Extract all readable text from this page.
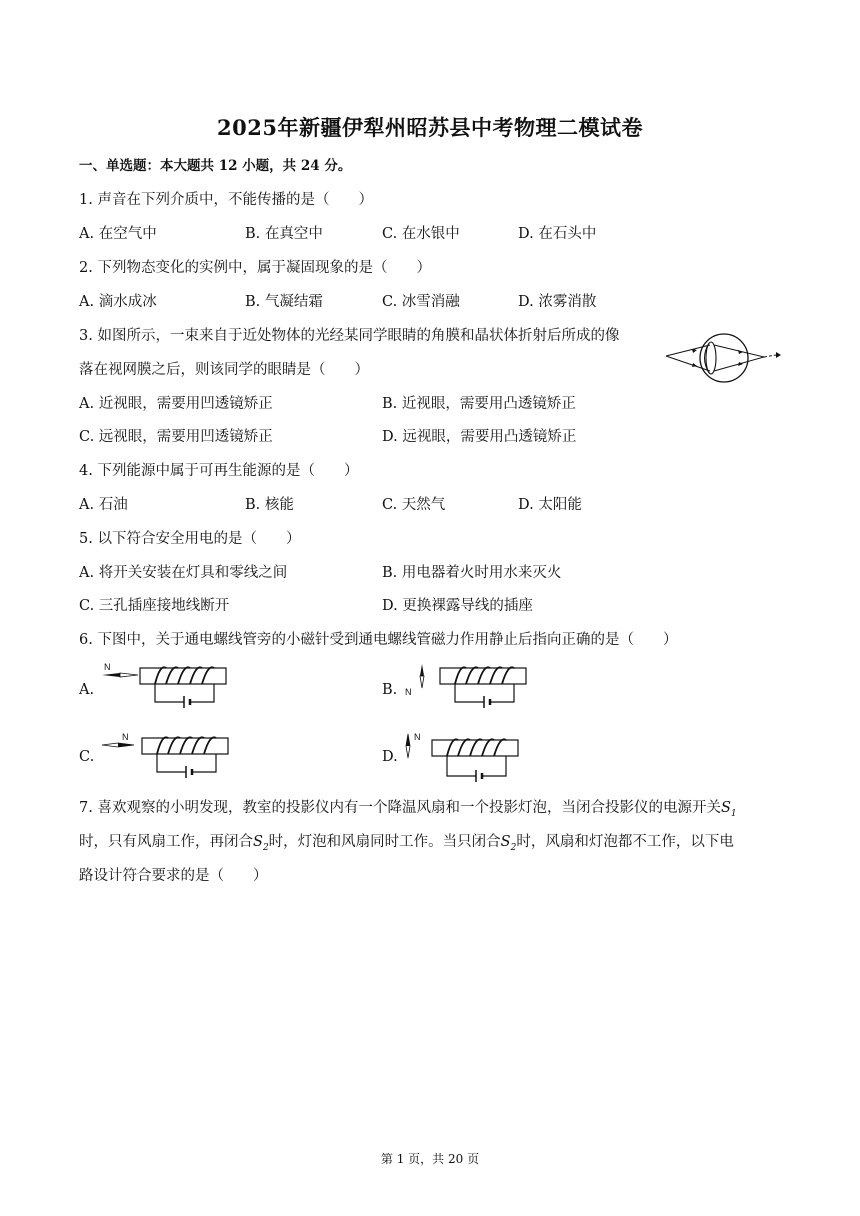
2025年新疆伊犁州昭苏县中考物理二模试卷
一、单选题：本大题共 12 小题，共 24 分。
1. 声音在下列介质中，不能传播的是（　　）
A. 在空气中	B. 在真空中	C. 在水银中	D. 在石头中
2. 下列物态变化的实例中，属于凝固现象的是（　　）
A. 滴水成冰	B. 气凝结霜	C. 冰雪消融	D. 浓雾消散
3. 如图所示，一束来自于近处物体的光经某同学眼睛的角膜和晶状体折射后所成的像
落在视网膜之后，则该同学的眼睛是（　　）
A. 近视眼，需要用凹透镜矫正	B. 近视眼，需要用凸透镜矫正
C. 远视眼，需要用凹透镜矫正	D. 远视眼，需要用凸透镜矫正
4. 下列能源中属于可再生能源的是（　　）
A. 石油	B. 核能	C. 天然气	D. 太阳能
5. 以下符合安全用电的是（　　）
A. 将开关安装在灯具和零线之间	B. 用电器着火时用水来灭火
C. 三孔插座接地线断开	D. 更换裸露导线的插座
6. 下图中，关于通电螺线管旁的小磁针受到通电螺线管磁力作用静止后指向正确的是（　　）
A.
N
B. N
C.
N
D.
N
7. 喜欢观察的小明发现，教室的投影仪内有一个降温风扇和一个投影灯泡，当闭合投影仪的电源开关$S_1$
时，只有风扇工作，再闭合$S_2$时，灯泡和风扇同时工作。当只闭合$S_2$时，风扇和灯泡都不工作，以下电
路设计符合要求的是（　　）
第 1 页，共 20 页
